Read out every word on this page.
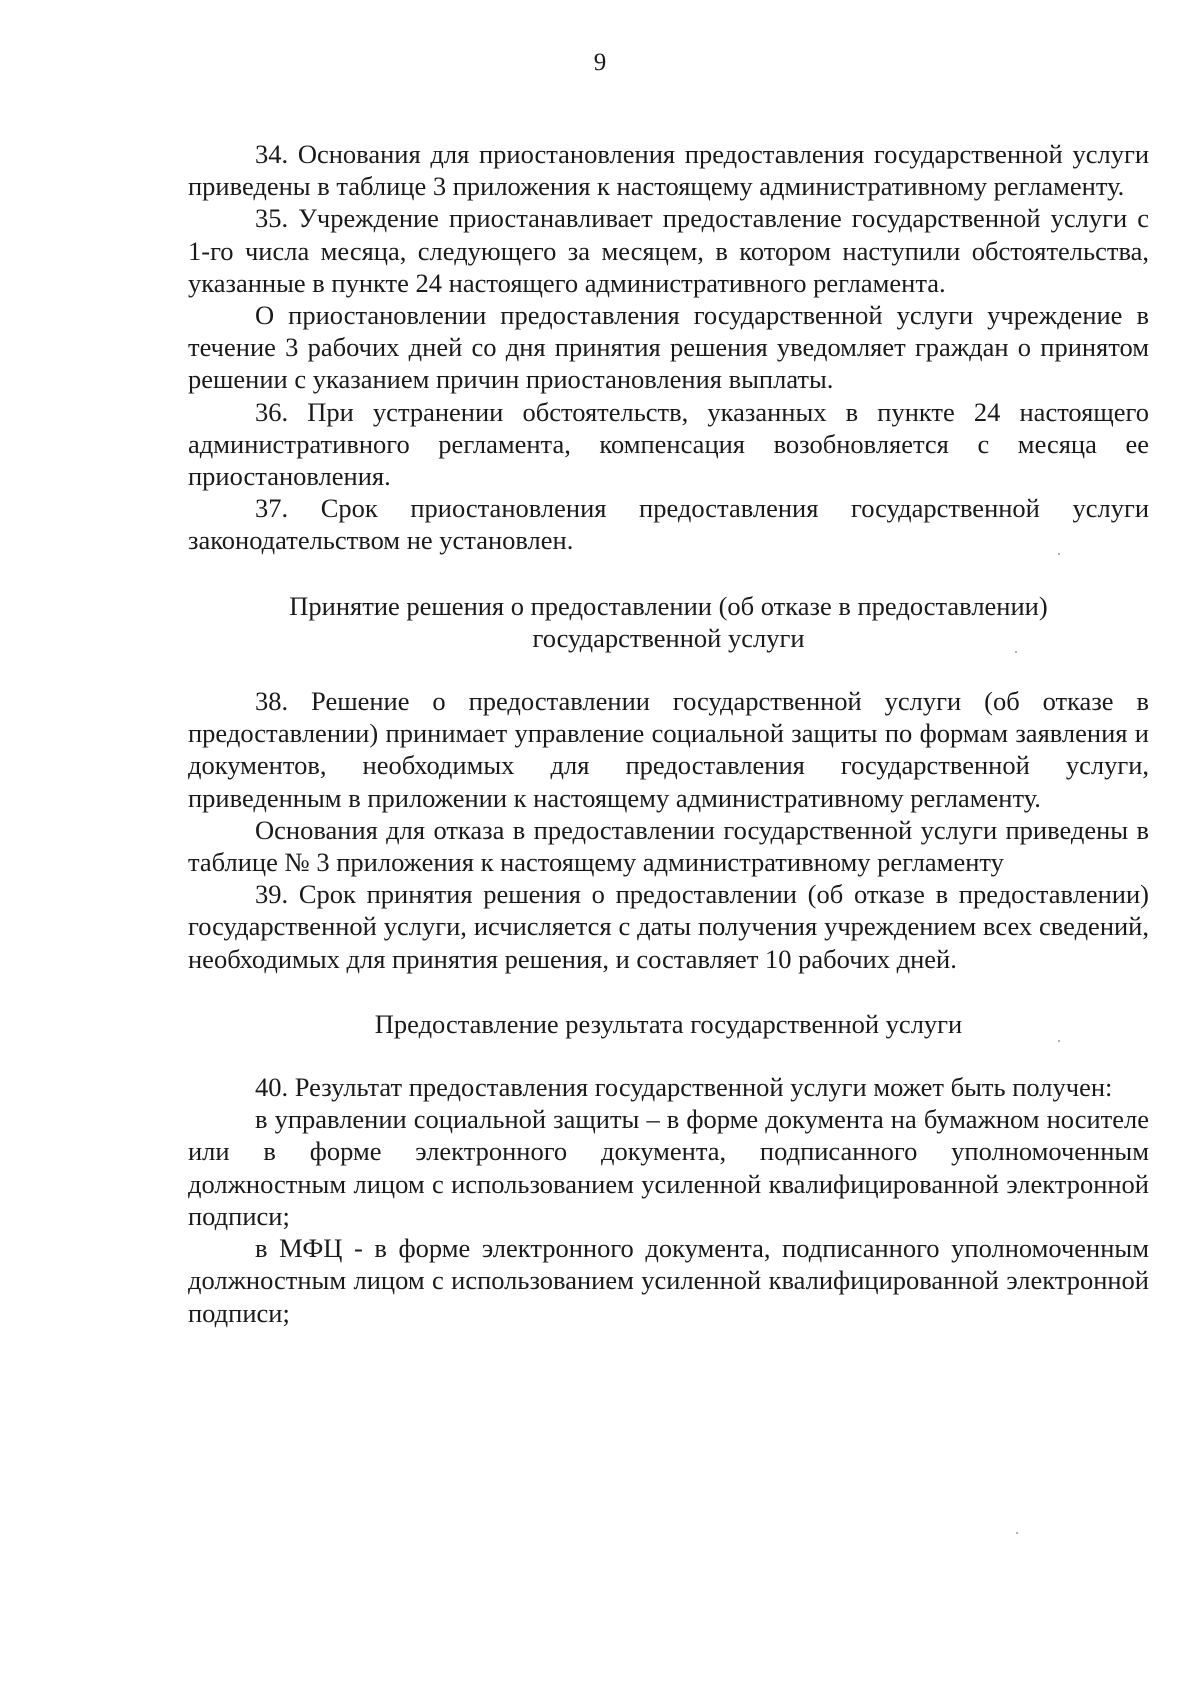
9

34. Основания для приостановления предоставления государственной услуги приведены в таблице 3 приложения к настоящему административному регламенту.

35. Учреждение приостанавливает предоставление государственной услуги с 1-го числа месяца, следующего за месяцем, в котором наступили обстоятельства, указанные в пункте 24 настоящего административного регламента.

О приостановлении предоставления государственной услуги учреждение в течение 3 рабочих дней со дня принятия решения уведомляет граждан о принятом решении с указанием причин приостановления выплаты.

36. При устранении обстоятельств, указанных в пункте 24 настоящего административного регламента, компенсация возобновляется с месяца ее приостановления.

37. Срок приостановления предоставления государственной услуги законодательством не установлен.

Принятие решения о предоставлении (об отказе в предоставлении)

государственной услуги

38. Решение о предоставлении государственной услуги (об отказе в предоставлении) принимает управление социальной защиты по формам заявления и документов, необходимых для предоставления государственной услуги, приведенным в приложении к настоящему административному регламенту.

Основания для отказа в предоставлении государственной услуги приведены в таблице № 3 приложения к настоящему административному регламенту

39. Срок принятия решения о предоставлении (об отказе в предоставлении) государственной услуги, исчисляется с даты получения учреждением всех сведений, необходимых для принятия решения, и составляет 10 рабочих дней.

Предоставление результата государственной услуги

40. Результат предоставления государственной услуги может быть получен:

в управлении социальной защиты – в форме документа на бумажном носителе или в форме электронного документа, подписанного уполномоченным должностным лицом с использованием усиленной квалифицированной электронной подписи;

в МФЦ - в форме электронного документа, подписанного уполномоченным должностным лицом с использованием усиленной квалифицированной электронной подписи;
